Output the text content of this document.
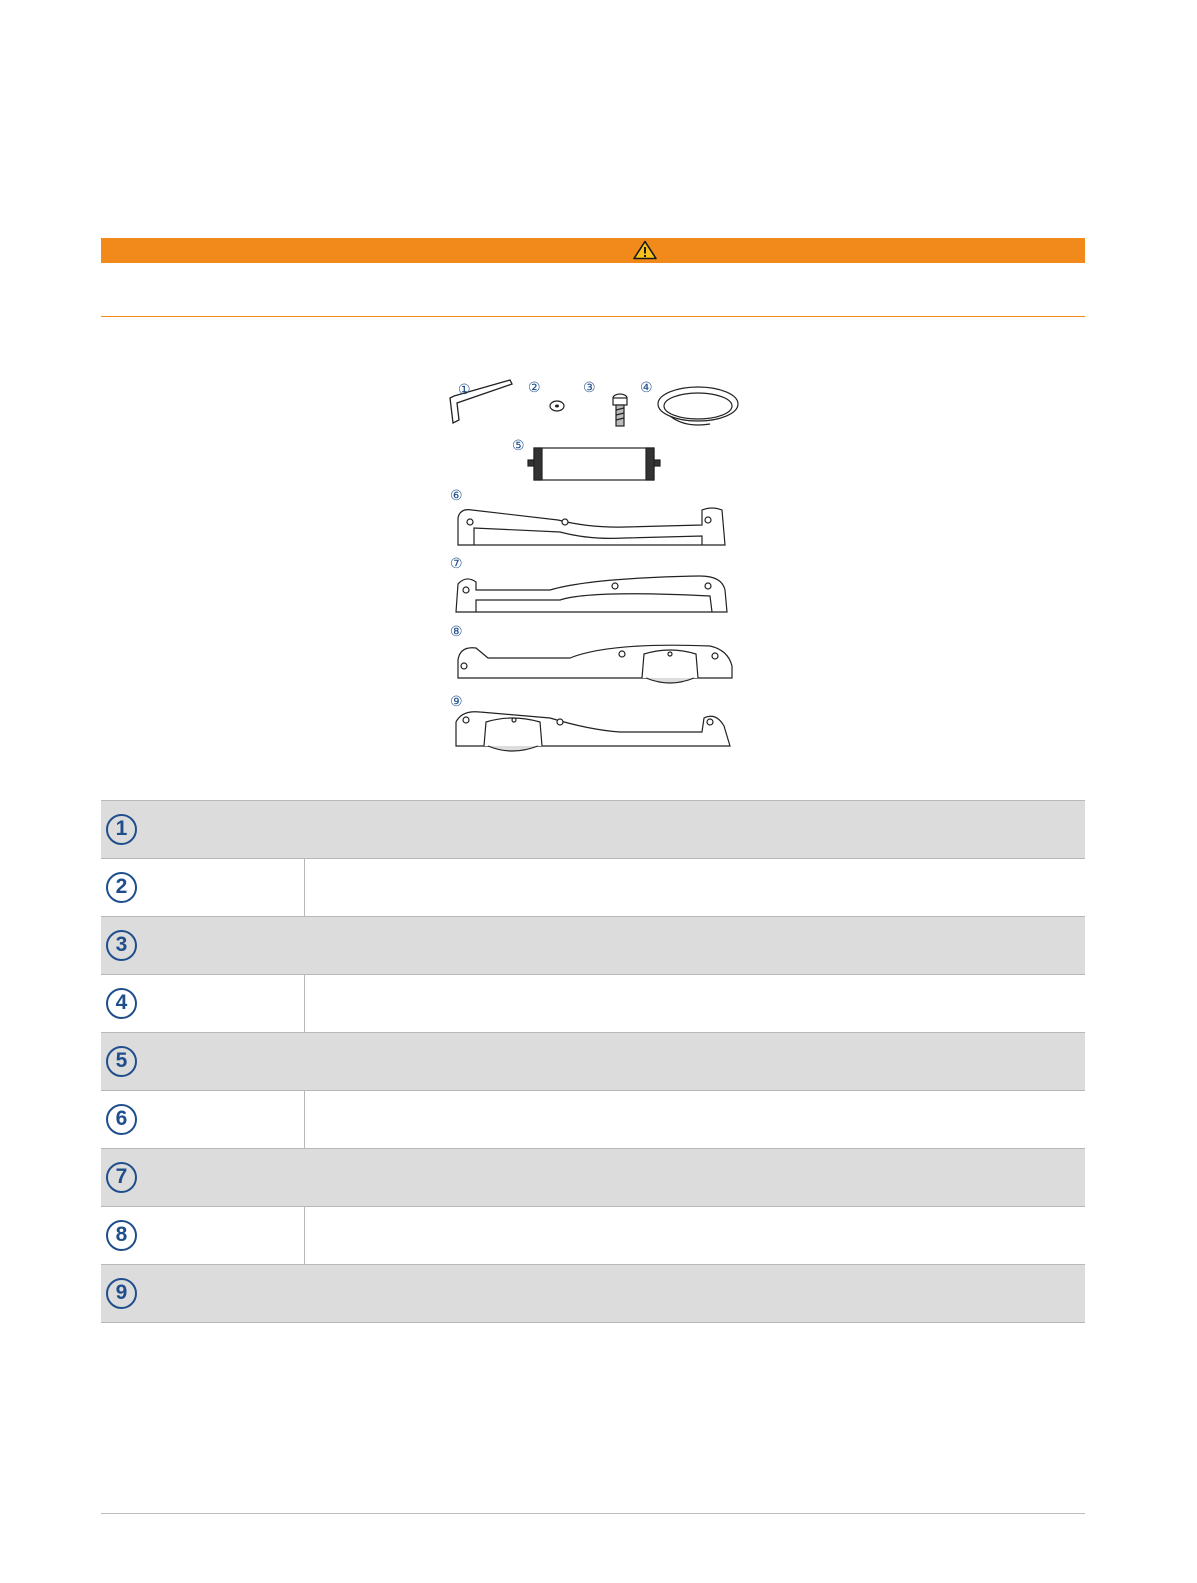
①	②	③	④
⑤
⑥
⑦
⑧
⑨
1	
2	
3	
4	
5	
6	
7	
8	
9	
